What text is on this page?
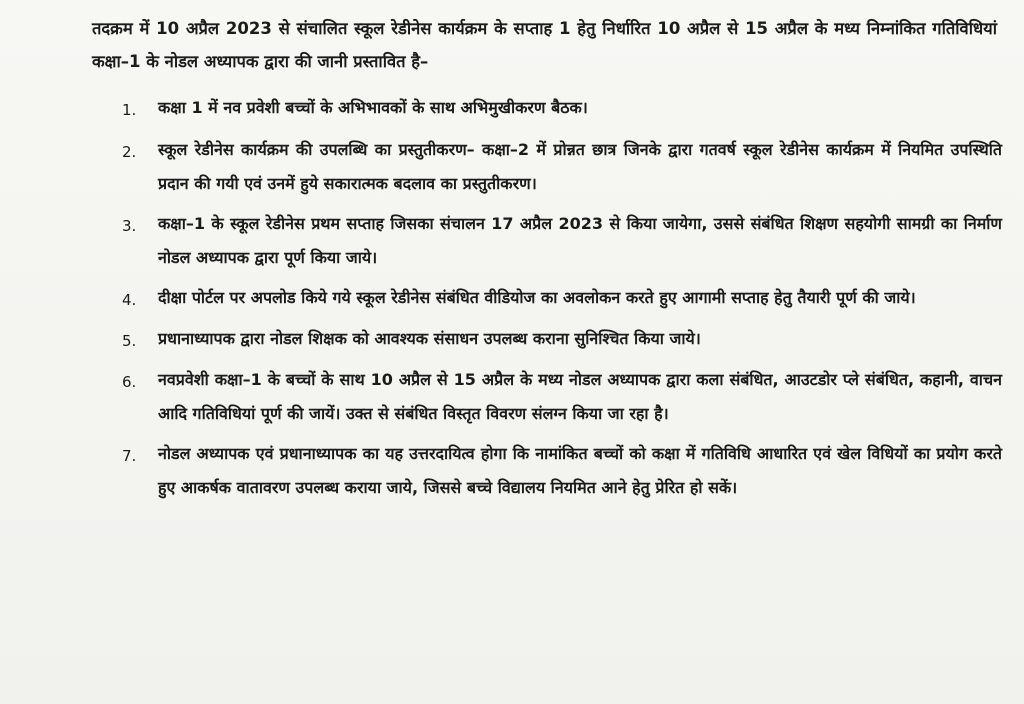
तदक्रम में 10 अप्रैल 2023 से संचालित स्कूल रेडीनेस कार्यक्रम के सप्ताह 1 हेतु निर्धारित 10 अप्रैल से 15 अप्रैल के मध्य निम्नांकित गतिविधियां कक्षा–1 के नोडल अध्यापक द्वारा की जानी प्रस्तावित है–
1.	कक्षा 1 में नव प्रवेशी बच्चों के अभिभावकों के साथ अभिमुखीकरण बैठक।
2.	स्कूल रेडीनेस कार्यक्रम की उपलब्धि का प्रस्तुतीकरण– कक्षा–2 में प्रोन्नत छात्र जिनके द्वारा गतवर्ष स्कूल रेडीनेस कार्यक्रम में नियमित उपस्थिति प्रदान की गयी एवं उनमें हुये सकारात्मक बदलाव का प्रस्तुतीकरण।
3.	कक्षा–1 के स्कूल रेडीनेस प्रथम सप्ताह जिसका संचालन 17 अप्रैल 2023 से किया जायेगा, उससे संबंधित शिक्षण सहयोगी सामग्री का निर्माण नोडल अध्यापक द्वारा पूर्ण किया जाये।
4.	दीक्षा पोर्टल पर अपलोड किये गये स्कूल रेडीनेस संबंधित वीडियोज का अवलोकन करते हुए आगामी सप्ताह हेतु तैयारी पूर्ण की जाये।
5.	प्रधानाध्यापक द्वारा नोडल शिक्षक को आवश्यक संसाधन उपलब्ध कराना सुनिश्चित किया जाये।
6.	नवप्रवेशी कक्षा–1 के बच्चों के साथ 10 अप्रैल से 15 अप्रैल के मध्य नोडल अध्यापक द्वारा कला संबंधित, आउटडोर प्ले संबंधित, कहानी, वाचन आदि गतिविधियां पूर्ण की जायें। उक्त से संबंधित विस्तृत विवरण संलग्न किया जा रहा है।
7.	नोडल अध्यापक एवं प्रधानाध्यापक का यह उत्तरदायित्व होगा कि नामांकित बच्चों को कक्षा में गतिविधि आधारित एवं खेल विधियों का प्रयोग करते हुए आकर्षक वातावरण उपलब्ध कराया जाये, जिससे बच्चे विद्यालय नियमित आने हेतु प्रेरित हो सकें।
